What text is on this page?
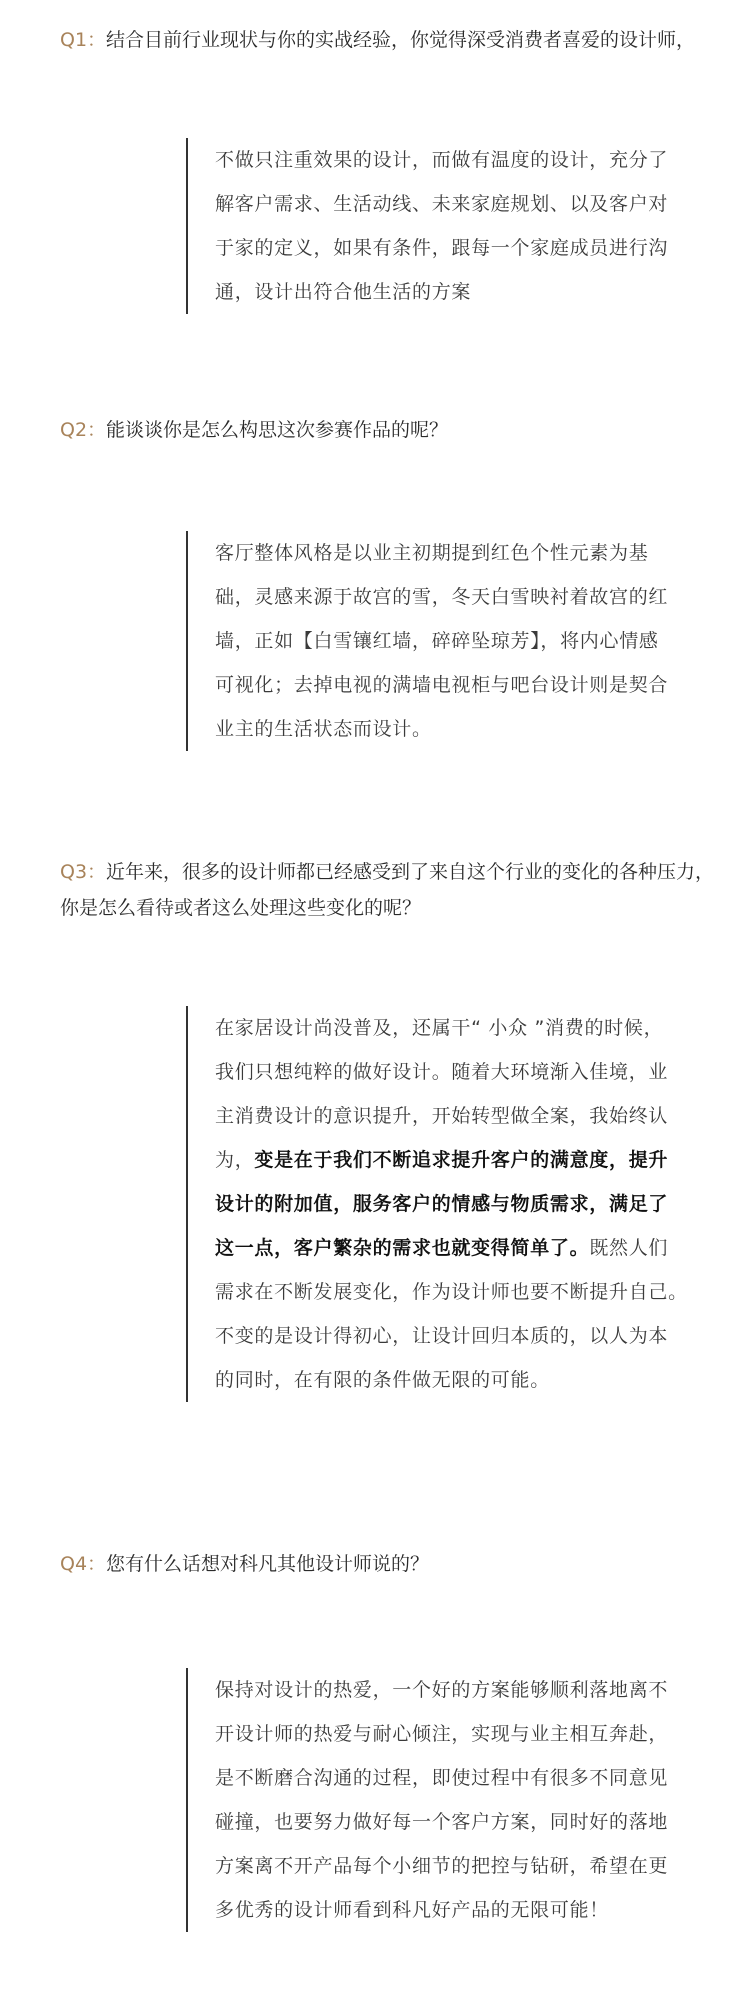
Q1：结合目前行业现状与你的实战经验，你觉得深受消费者喜爱的设计师，

不做只注重效果的设计，而做有温度的设计，充分了

解客户需求、生活动线、未来家庭规划、以及客户对

于家的定义，如果有条件，跟每一个家庭成员进行沟

通，设计出符合他生活的方案

Q2：能谈谈你是怎么构思这次参赛作品的呢？

客厅整体风格是以业主初期提到红色个性元素为基

础，灵感来源于故宫的雪，冬天白雪映衬着故宫的红

墙，正如【白雪镶红墙，碎碎坠琼芳】，将内心情感

可视化；去掉电视的满墙电视柜与吧台设计则是契合

业主的生活状态而设计。

Q3：近年来，很多的设计师都已经感受到了来自这个行业的变化的各种压力，
你是怎么看待或者这么处理这些变化的呢？

在家居设计尚没普及，还属干“ 小众 ”消费的时候，

我们只想纯粹的做好设计。随着大环境渐入佳境，业

主消费设计的意识提升，开始转型做全案，我始终认

为，变是在于我们不断追求提升客户的满意度，提升

设计的附加值，服务客户的情感与物质需求，满足了

这一点，客户繁杂的需求也就变得简单了。既然人们

需求在不断发展变化，作为设计师也要不断提升自己。

不变的是设计得初心，让设计回归本质的，以人为本

的同时，在有限的条件做无限的可能。

Q4：您有什么话想对科凡其他设计师说的？

保持对设计的热爱，一个好的方案能够顺利落地离不

开设计师的热爱与耐心倾注，实现与业主相互奔赴，

是不断磨合沟通的过程，即使过程中有很多不同意见

碰撞，也要努力做好每一个客户方案，同时好的落地

方案离不开产品每个小细节的把控与钻研，希望在更

多优秀的设计师看到科凡好产品的无限可能！
